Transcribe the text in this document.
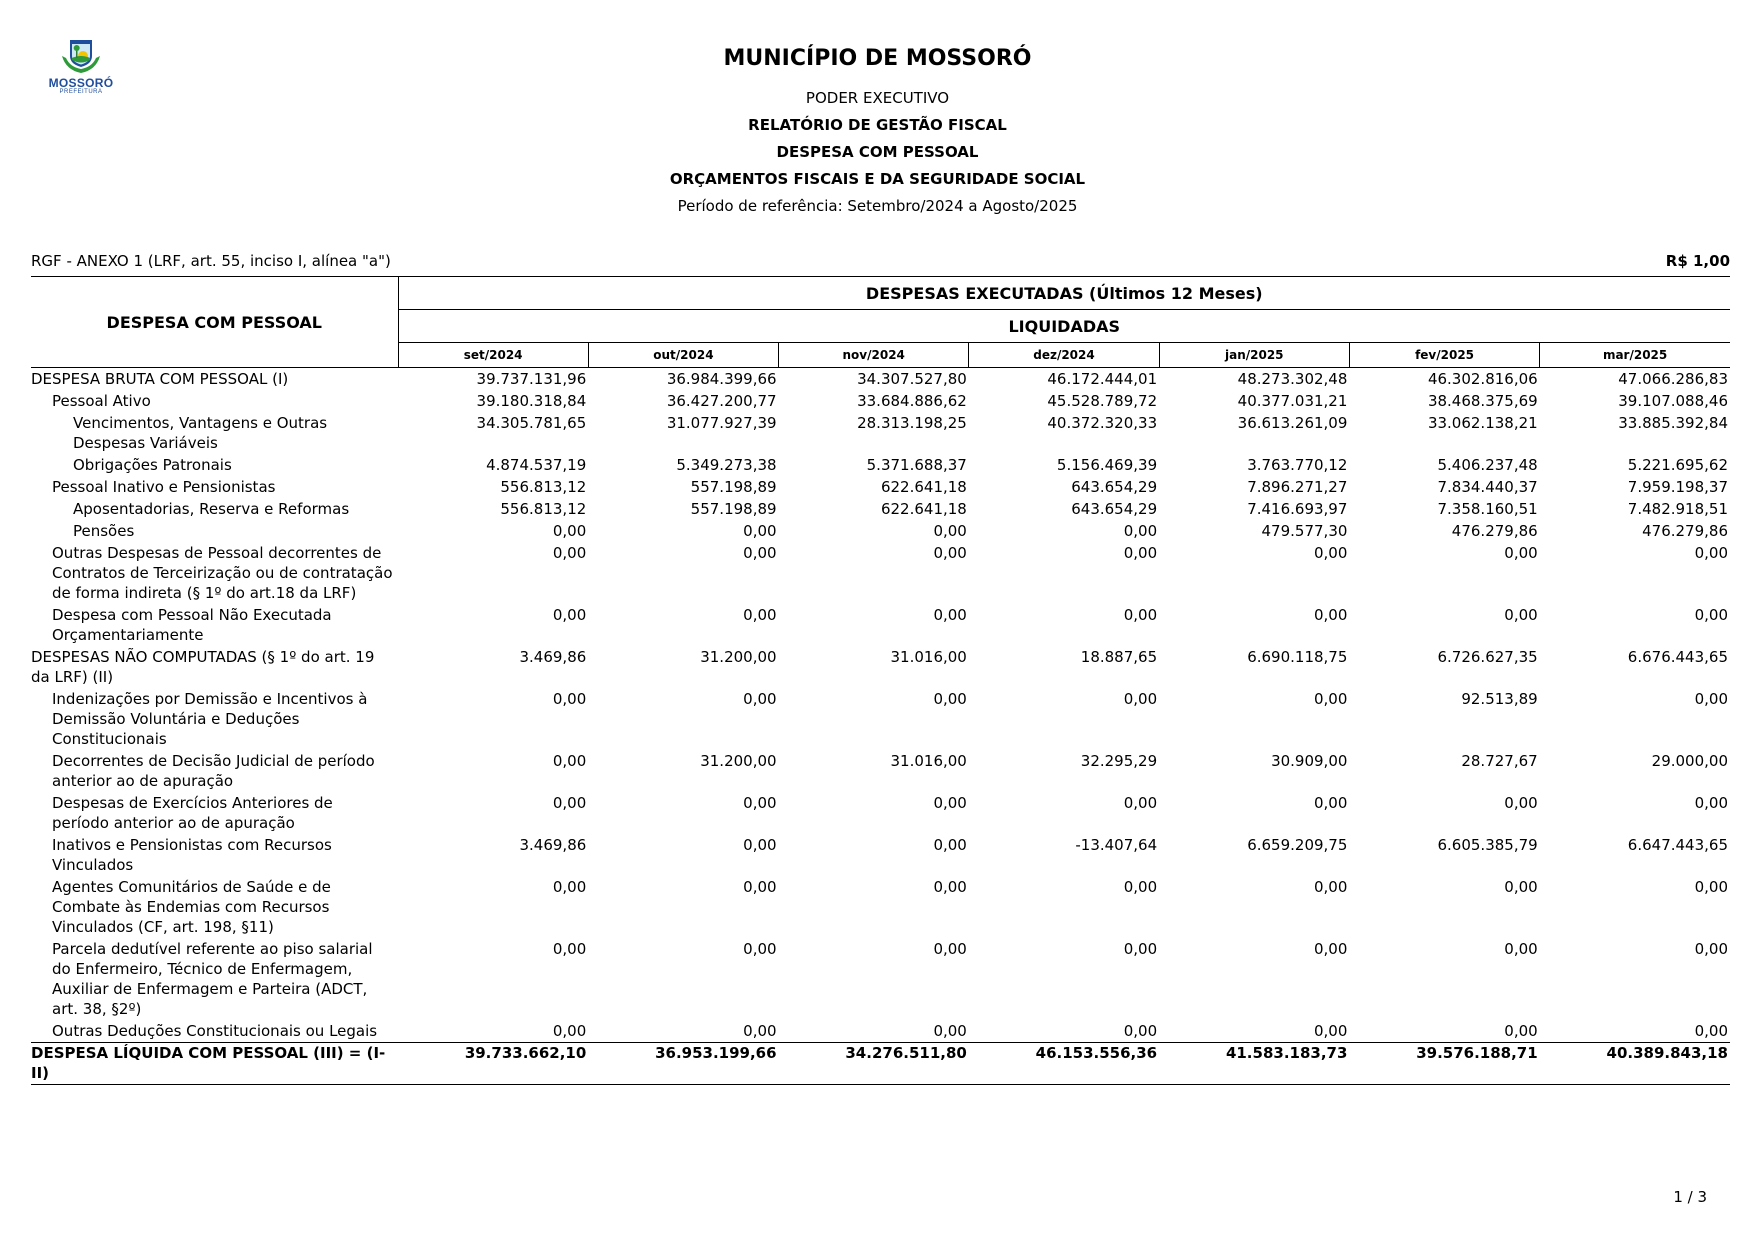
MOSSORÓ
PREFEITURA
MUNICÍPIO DE MOSSORÓ
PODER EXECUTIVO
RELATÓRIO DE GESTÃO FISCAL
DESPESA COM PESSOAL
ORÇAMENTOS FISCAIS E DA SEGURIDADE SOCIAL
Período de referência: Setembro/2024 a Agosto/2025
RGF - ANEXO 1 (LRF, art. 55, inciso I, alínea "a")	R$ 1,00
DESPESA COM PESSOAL	DESPESAS EXECUTADAS (Últimos 12 Meses)						
	LIQUIDADAS						
	set/2024	out/2024	nov/2024	dez/2024	jan/2025	fev/2025	mar/2025
DESPESA BRUTA COM PESSOAL (I)	39.737.131,96	36.984.399,66	34.307.527,80	46.172.444,01	48.273.302,48	46.302.816,06	47.066.286,83
Pessoal Ativo	39.180.318,84	36.427.200,77	33.684.886,62	45.528.789,72	40.377.031,21	38.468.375,69	39.107.088,46
Vencimentos, Vantagens e Outras Despesas Variáveis	34.305.781,65	31.077.927,39	28.313.198,25	40.372.320,33	36.613.261,09	33.062.138,21	33.885.392,84
Obrigações Patronais	4.874.537,19	5.349.273,38	5.371.688,37	5.156.469,39	3.763.770,12	5.406.237,48	5.221.695,62
Pessoal Inativo e Pensionistas	556.813,12	557.198,89	622.641,18	643.654,29	7.896.271,27	7.834.440,37	7.959.198,37
Aposentadorias, Reserva e Reformas	556.813,12	557.198,89	622.641,18	643.654,29	7.416.693,97	7.358.160,51	7.482.918,51
Pensões	0,00	0,00	0,00	0,00	479.577,30	476.279,86	476.279,86
Outras Despesas de Pessoal decorrentes de Contratos de Terceirização ou de contratação de forma indireta (§ 1º do art.18 da LRF)	0,00	0,00	0,00	0,00	0,00	0,00	0,00
Despesa com Pessoal Não Executada Orçamentariamente	0,00	0,00	0,00	0,00	0,00	0,00	0,00
DESPESAS NÃO COMPUTADAS (§ 1º do art. 19 da LRF) (II)	3.469,86	31.200,00	31.016,00	18.887,65	6.690.118,75	6.726.627,35	6.676.443,65
Indenizações por Demissão e Incentivos à Demissão Voluntária e Deduções Constitucionais	0,00	0,00	0,00	0,00	0,00	92.513,89	0,00
Decorrentes de Decisão Judicial de período anterior ao de apuração	0,00	31.200,00	31.016,00	32.295,29	30.909,00	28.727,67	29.000,00
Despesas de Exercícios Anteriores de período anterior ao de apuração	0,00	0,00	0,00	0,00	0,00	0,00	0,00
Inativos e Pensionistas com Recursos Vinculados	3.469,86	0,00	0,00	-13.407,64	6.659.209,75	6.605.385,79	6.647.443,65
Agentes Comunitários de Saúde e de Combate às Endemias com Recursos Vinculados (CF, art. 198, §11)	0,00	0,00	0,00	0,00	0,00	0,00	0,00
Parcela dedutível referente ao piso salarial do Enfermeiro, Técnico de Enfermagem, Auxiliar de Enfermagem e Parteira (ADCT, art. 38, §2º)	0,00	0,00	0,00	0,00	0,00	0,00	0,00
Outras Deduções Constitucionais ou Legais	0,00	0,00	0,00	0,00	0,00	0,00	0,00
DESPESA LÍQUIDA COM PESSOAL (III) = (I-II)	39.733.662,10	36.953.199,66	34.276.511,80	46.153.556,36	41.583.183,73	39.576.188,71	40.389.843,18
1 / 3
